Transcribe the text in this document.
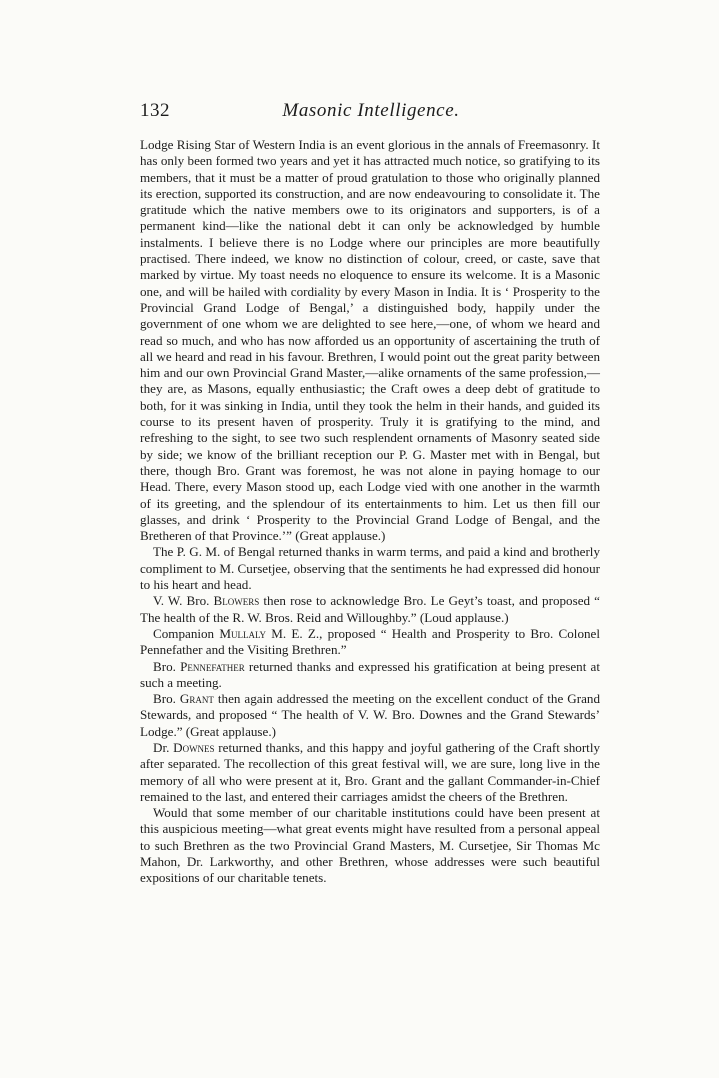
132	Masonic Intelligence.

Lodge Rising Star of Western India is an event glorious in the annals of Freemasonry. It has only been formed two years and yet it has attracted much notice, so gratifying to its members, that it must be a matter of proud gratulation to those who originally planned its erection, supported its construction, and are now endeavouring to consolidate it. The gratitude which the native members owe to its originators and supporters, is of a permanent kind—like the national debt it can only be acknowledged by humble instalments. I believe there is no Lodge where our principles are more beautifully practised. There indeed, we know no distinction of colour, creed, or caste, save that marked by virtue. My toast needs no eloquence to ensure its welcome. It is a Masonic one, and will be hailed with cordiality by every Mason in India. It is ‘ Prosperity to the Provincial Grand Lodge of Bengal,’ a distinguished body, happily under the government of one whom we are delighted to see here,—one, of whom we heard and read so much, and who has now afforded us an opportunity of ascertaining the truth of all we heard and read in his favour. Brethren, I would point out the great parity between him and our own Provincial Grand Master,—alike ornaments of the same profession,—they are, as Masons, equally enthusiastic; the Craft owes a deep debt of gratitude to both, for it was sinking in India, until they took the helm in their hands, and guided its course to its present haven of prosperity. Truly it is gratifying to the mind, and refreshing to the sight, to see two such resplendent ornaments of Masonry seated side by side; we know of the brilliant reception our P. G. Master met with in Bengal, but there, though Bro. Grant was foremost, he was not alone in paying homage to our Head. There, every Mason stood up, each Lodge vied with one another in the warmth of its greeting, and the splendour of its entertainments to him. Let us then fill our glasses, and drink ‘ Prosperity to the Provincial Grand Lodge of Bengal, and the Bretheren of that Province.’” (Great applause.)

The P. G. M. of Bengal returned thanks in warm terms, and paid a kind and brotherly compliment to M. Cursetjee, observing that the sentiments he had expressed did honour to his heart and head.

V. W. Bro. Blowers then rose to acknowledge Bro. Le Geyt’s toast, and proposed “ The health of the R. W. Bros. Reid and Willoughby.” (Loud applause.)

Companion Mullaly M. E. Z., proposed “ Health and Prosperity to Bro. Colonel Pennefather and the Visiting Brethren.”

Bro. Pennefather returned thanks and expressed his gratification at being present at such a meeting.

Bro. Grant then again addressed the meeting on the excellent conduct of the Grand Stewards, and proposed “ The health of V. W. Bro. Downes and the Grand Stewards’ Lodge.” (Great applause.)

Dr. Downes returned thanks, and this happy and joyful gathering of the Craft shortly after separated. The recollection of this great festival will, we are sure, long live in the memory of all who were present at it, Bro. Grant and the gallant Commander-in-Chief remained to the last, and entered their carriages amidst the cheers of the Brethren.

Would that some member of our charitable institutions could have been present at this auspicious meeting—what great events might have resulted from a personal appeal to such Brethren as the two Provincial Grand Masters, M. Cursetjee, Sir Thomas Mc Mahon, Dr. Larkworthy, and other Brethren, whose addresses were such beautiful expositions of our charitable tenets.
